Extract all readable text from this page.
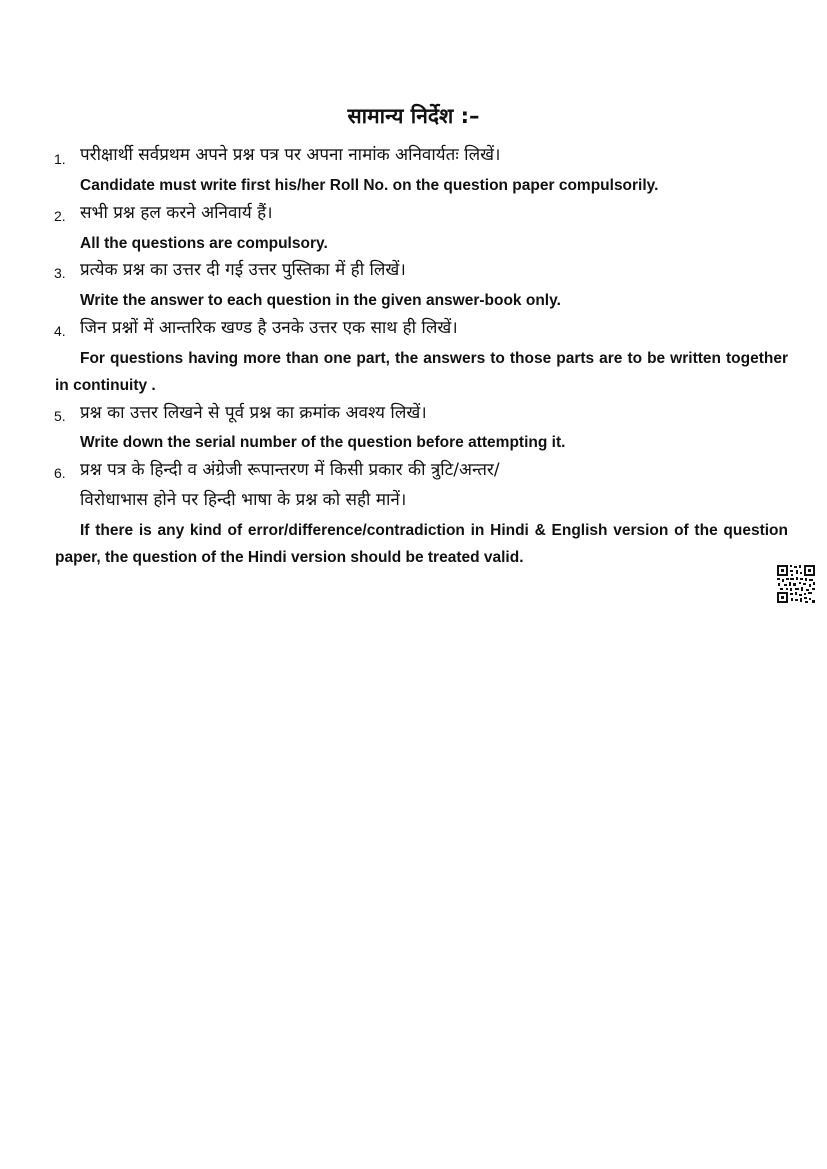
सामान्य निर्देश :–
1. परीक्षार्थी सर्वप्रथम अपने प्रश्न पत्र पर अपना नामांक अनिवार्यतः लिखें।
Candidate must write first his/her Roll No. on the question paper compulsorily.
2. सभी प्रश्न हल करने अनिवार्य हैं।
All the questions are compulsory.
3. प्रत्येक प्रश्न का उत्तर दी गई उत्तर पुस्तिका में ही लिखें।
Write the answer to each question in the given answer-book only.
4. जिन प्रश्नों में आन्तरिक खण्ड है उनके उत्तर एक साथ ही लिखें।
For questions having more than one part, the answers to those parts are to be written together in continuity .
5. प्रश्न का उत्तर लिखने से पूर्व प्रश्न का क्रमांक अवश्य लिखें।
Write down the serial number of the question before attempting it.
6. प्रश्न पत्र के हिन्दी व अंग्रेजी रूपान्तरण में किसी प्रकार की त्रुटि/अन्तर/
विरोधाभास होने पर हिन्दी भाषा के प्रश्न को सही मानें।
If there is any kind of error/difference/contradiction in Hindi & English version of the question paper, the question of the Hindi version should be treated valid.
